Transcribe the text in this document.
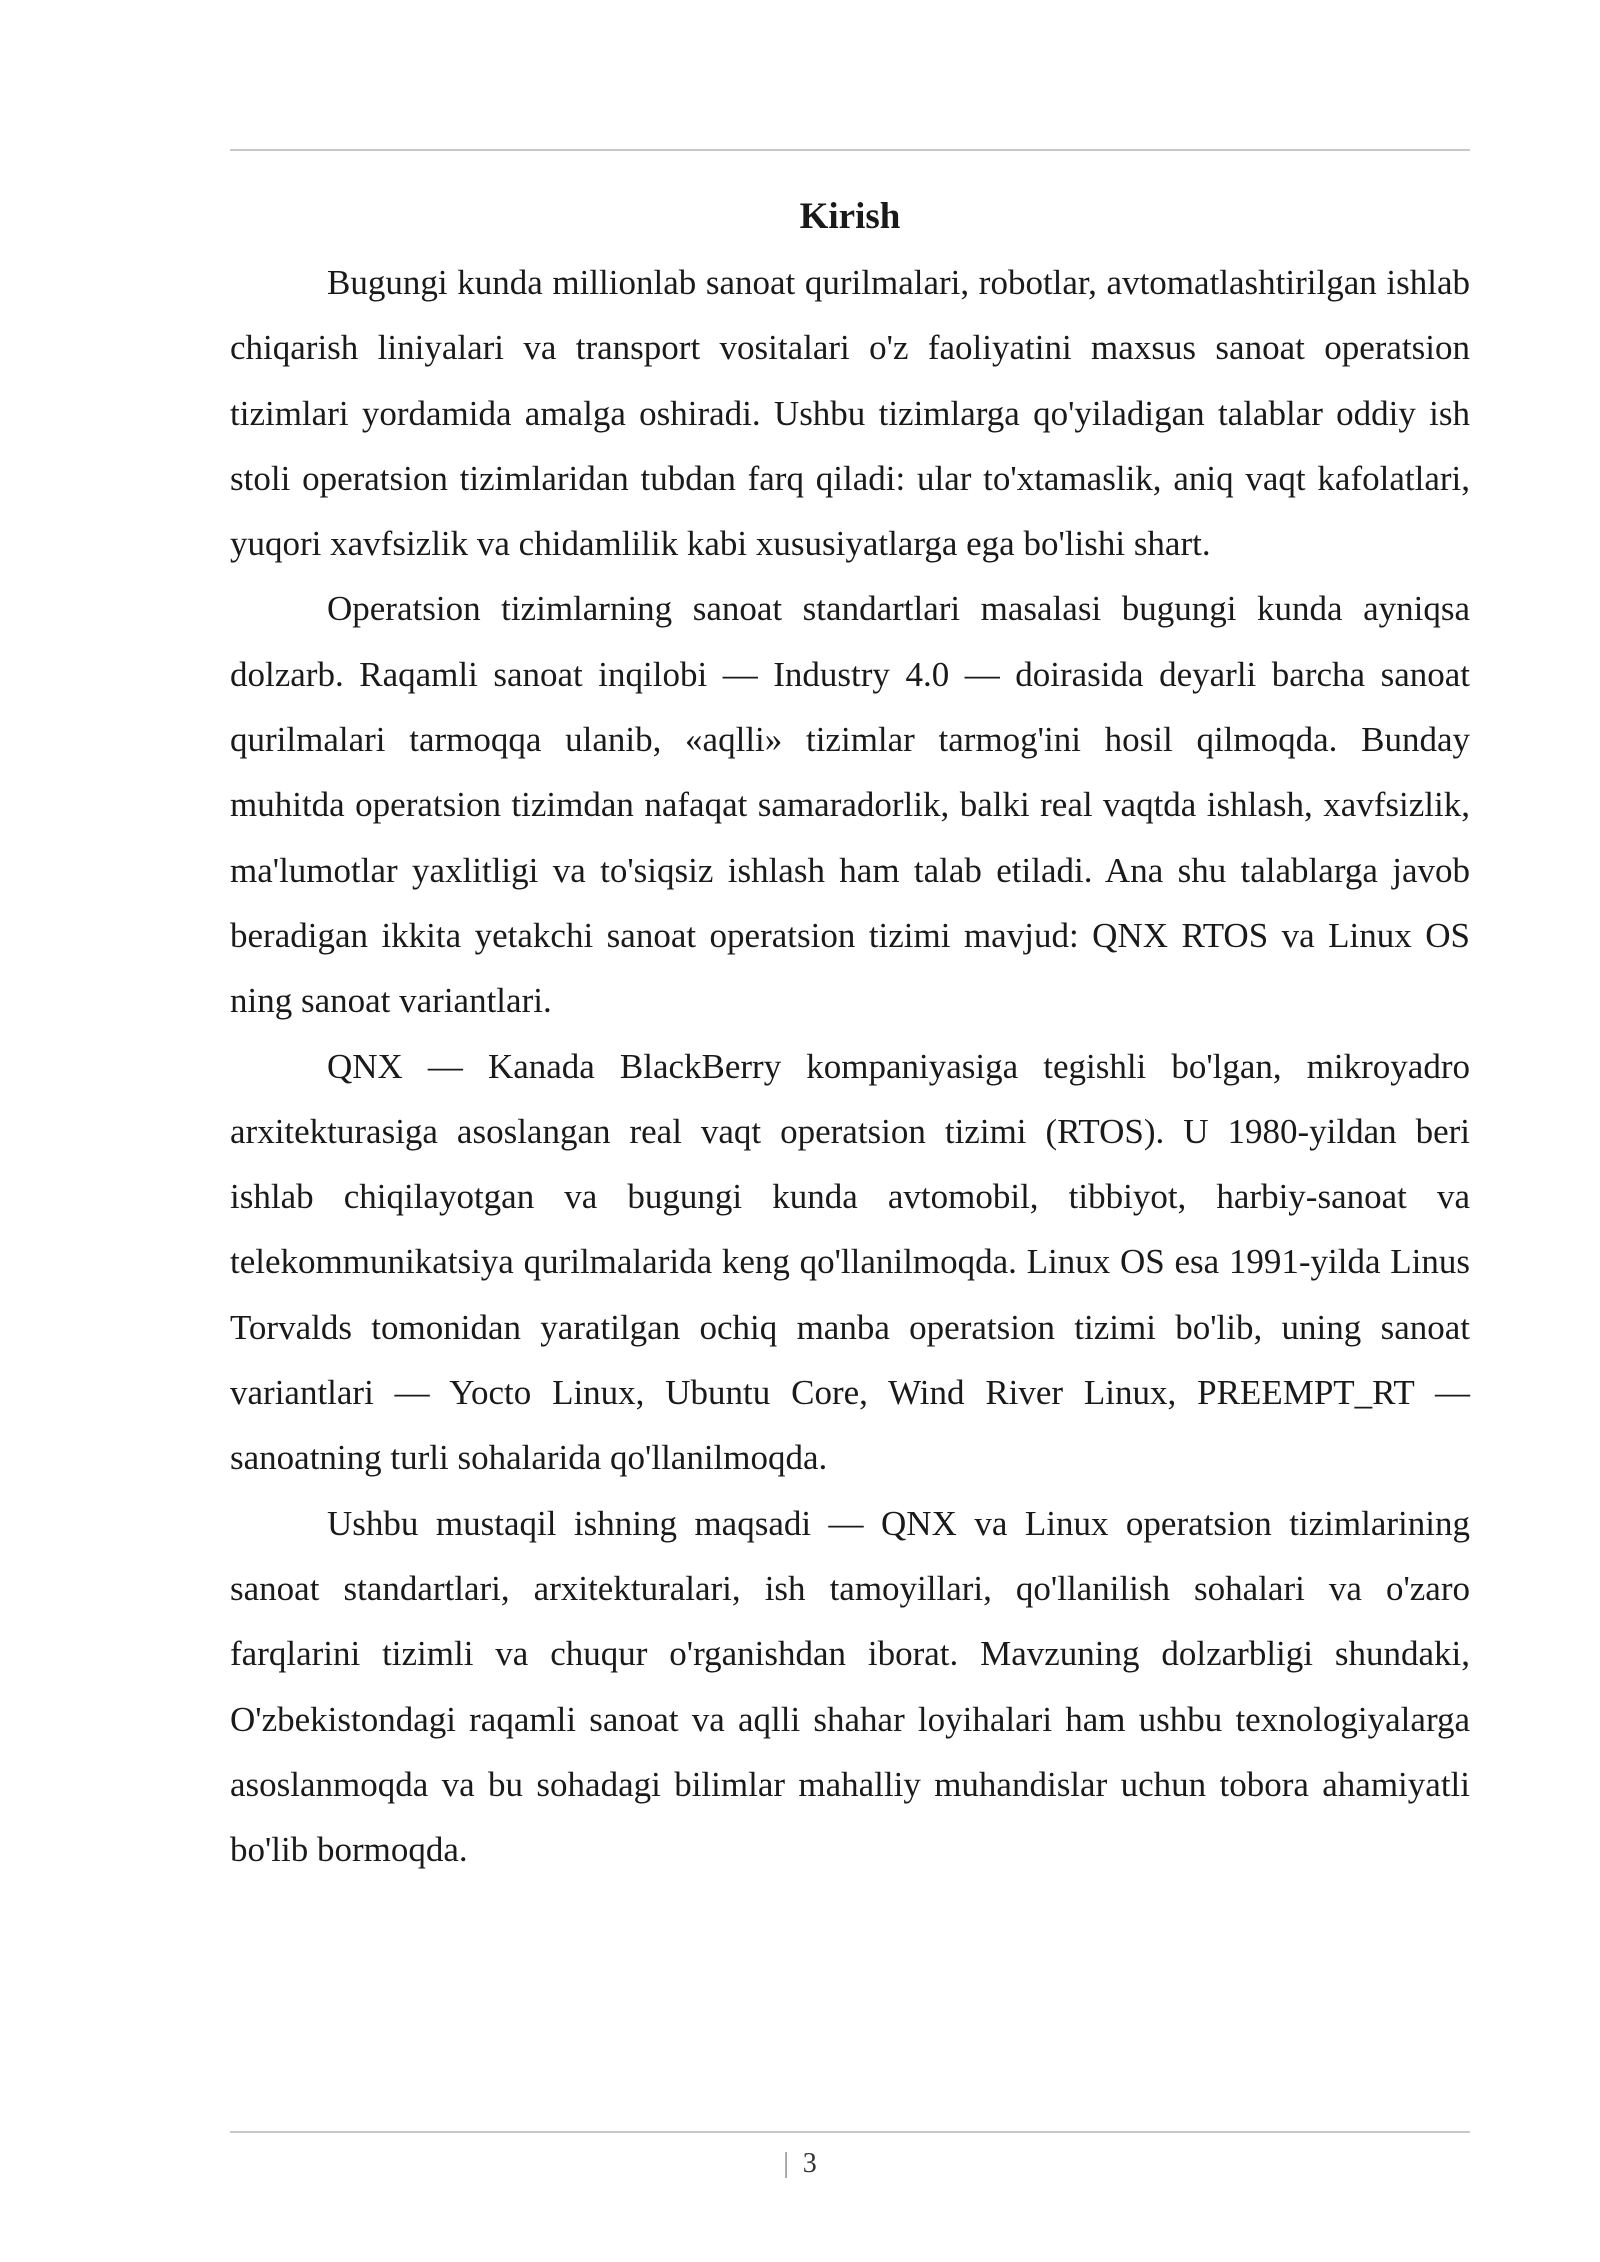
Kirish

Bugungi kunda millionlab sanoat qurilmalari, robotlar, avtomatlashtirilgan ishlab chiqarish liniyalari va transport vositalari o'z faoliyatini maxsus sanoat operatsion tizimlari yordamida amalga oshiradi. Ushbu tizimlarga qo'yiladigan talablar oddiy ish stoli operatsion tizimlaridan tubdan farq qiladi: ular to'xtamaslik, aniq vaqt kafolatlari, yuqori xavfsizlik va chidamlilik kabi xususiyatlarga ega bo'lishi shart.

Operatsion tizimlarning sanoat standartlari masalasi bugungi kunda ayniqsa dolzarb. Raqamli sanoat inqilobi — Industry 4.0 — doirasida deyarli barcha sanoat qurilmalari tarmoqqa ulanib, «aqlli» tizimlar tarmog'ini hosil qilmoqda. Bunday muhitda operatsion tizimdan nafaqat samaradorlik, balki real vaqtda ishlash, xavfsizlik, ma'lumotlar yaxlitligi va to'siqsiz ishlash ham talab etiladi. Ana shu talablarga javob beradigan ikkita yetakchi sanoat operatsion tizimi mavjud: QNX RTOS va Linux OS ning sanoat variantlari.

QNX — Kanada BlackBerry kompaniyasiga tegishli bo'lgan, mikroyadro arxitekturasiga asoslangan real vaqt operatsion tizimi (RTOS). U 1980-yildan beri ishlab chiqilayotgan va bugungi kunda avtomobil, tibbiyot, harbiy-sanoat va telekommunikatsiya qurilmalarida keng qo'llanilmoqda. Linux OS esa 1991-yilda Linus Torvalds tomonidan yaratilgan ochiq manba operatsion tizimi bo'lib, uning sanoat variantlari — Yocto Linux, Ubuntu Core, Wind River Linux, PREEMPT_RT — sanoatning turli sohalarida qo'llanilmoqda.

Ushbu mustaqil ishning maqsadi — QNX va Linux operatsion tizimlarining sanoat standartlari, arxitekturalari, ish tamoyillari, qo'llanilish sohalari va o'zaro farqlarini tizimli va chuqur o'rganishdan iborat. Mavzuning dolzarbligi shundaki, O'zbekistondagi raqamli sanoat va aqlli shahar loyihalari ham ushbu texnologiyalarga asoslanmoqda va bu sohadagi bilimlar mahalliy muhandislar uchun tobora ahamiyatli bo'lib bormoqda.

| 3
